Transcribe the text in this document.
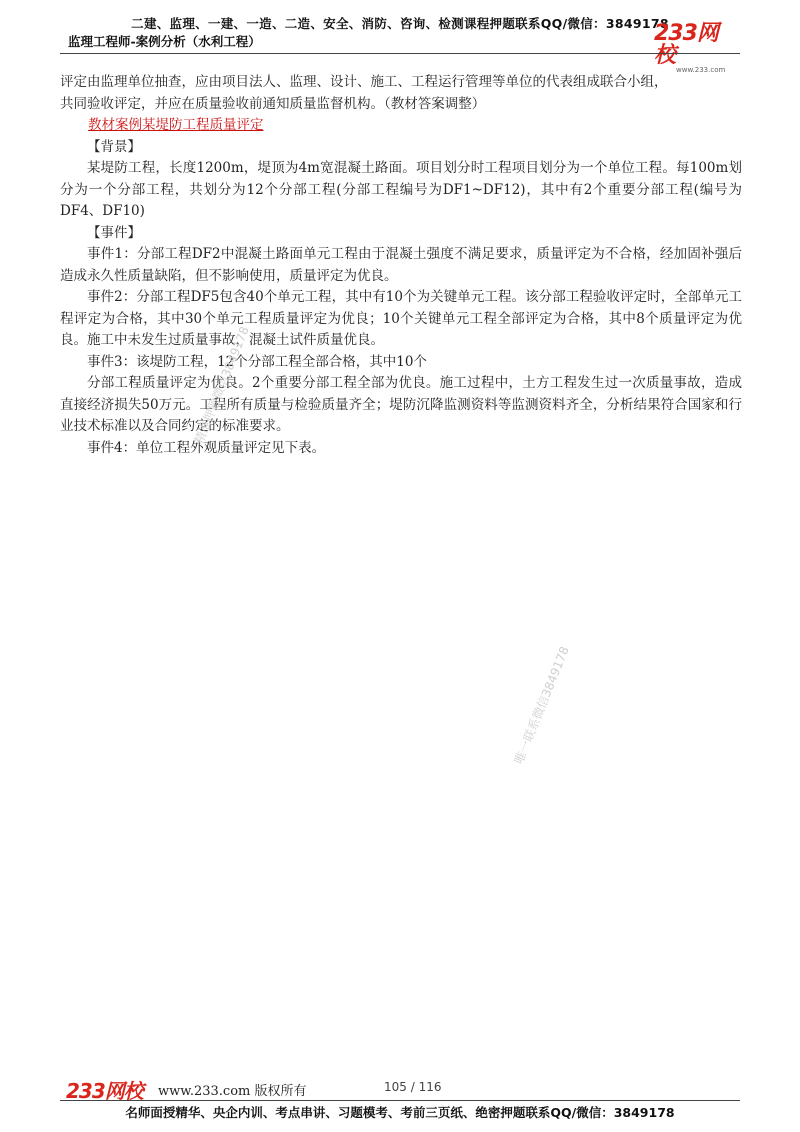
二建、监理、一建、一造、二造、安全、消防、咨询、检测课程押题联系QQ/微信：3849178
监理工程师-案例分析（水利工程）	233网校
www.233.com

评定由监理单位抽查，应由项目法人、监理、设计、施工、工程运行管理等单位的代表组成联合小组，
共同验收评定，并应在质量验收前通知质量监督机构。（教材答案调整）

教材案例某堤防工程质量评定

【背景】

某堤防工程，长度1200m，堤顶为4m宽混凝土路面。项目划分时工程项目划分为一个单位工程。每100m划分为一个分部工程，共划分为12个分部工程(分部工程编号为DF1~DF12)，其中有2个重要分部工程(编号为DF4、DF10)

【事件】

事件1：分部工程DF2中混凝土路面单元工程由于混凝土强度不满足要求，质量评定为不合格，经加固补强后造成永久性质量缺陷，但不影响使用，质量评定为优良。

事件2：分部工程DF5包含40个单元工程，其中有10个为关键单元工程。该分部工程验收评定时，全部单元工程评定为合格，其中30个单元工程质量评定为优良；10个关键单元工程全部评定为合格，其中8个质量评定为优良。施工中未发生过质量事故，混凝土试件质量优良。

事件3：该堤防工程，12个分部工程全部合格，其中10个

分部工程质量评定为优良。2个重要分部工程全部为优良。施工过程中，土方工程发生过一次质量事故，造成直接经济损失50万元。工程所有质量与检验质量齐全；堤防沉降监测资料等监测资料齐全，分析结果符合国家和行业技术标准以及合同约定的标准要求。

事件4：单位工程外观质量评定见下表。

精准押题微信3849178
唯一联系微信3849178
233网校 www.233.com 版权所有	105 / 116
名师面授精华、央企内训、考点串讲、习题模考、考前三页纸、绝密押题联系QQ/微信：3849178
